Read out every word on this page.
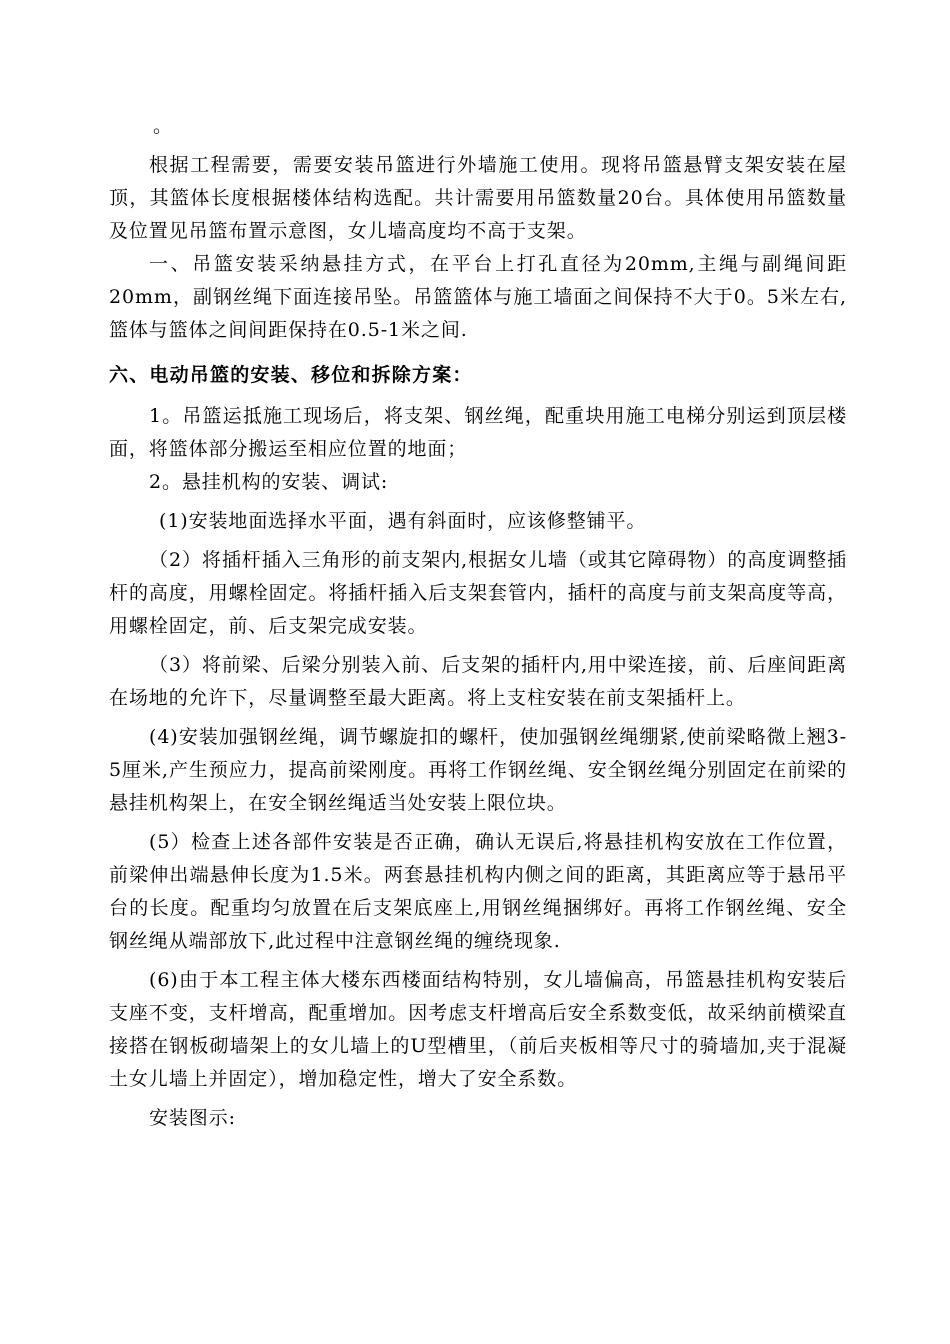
。

根据工程需要，需要安装吊篮进行外墙施工使用。现将吊篮悬臂支架安装在屋顶，其篮体长度根据楼体结构选配。共计需要用吊篮数量20台。具体使用吊篮数量及位置见吊篮布置示意图，女儿墙高度均不高于支架。

一、吊篮安装采纳悬挂方式，在平台上打孔直径为20mm,主绳与副绳间距20mm，副钢丝绳下面连接吊坠。吊篮篮体与施工墙面之间保持不大于0。5米左右,篮体与篮体之间间距保持在0.5-1米之间.

六、电动吊篮的安装、移位和拆除方案：

1。吊篮运抵施工现场后，将支架、钢丝绳，配重块用施工电梯分别运到顶层楼面，将篮体部分搬运至相应位置的地面；

2。悬挂机构的安装、调试:

(1)安装地面选择水平面，遇有斜面时，应该修整铺平。

（2）将插杆插入三角形的前支架内,根据女儿墙（或其它障碍物）的高度调整插杆的高度，用螺栓固定。将插杆插入后支架套管内，插杆的高度与前支架高度等高，用螺栓固定，前、后支架完成安装。

（3）将前梁、后梁分别装入前、后支架的插杆内,用中梁连接，前、后座间距离在场地的允许下，尽量调整至最大距离。将上支柱安装在前支架插杆上。

(4)安装加强钢丝绳，调节螺旋扣的螺杆，使加强钢丝绳绷紧,使前梁略微上翘3-5厘米,产生预应力，提高前梁刚度。再将工作钢丝绳、安全钢丝绳分别固定在前梁的悬挂机构架上，在安全钢丝绳适当处安装上限位块。

(5）检查上述各部件安装是否正确，确认无误后,将悬挂机构安放在工作位置，前梁伸出端悬伸长度为1.5米。两套悬挂机构内侧之间的距离，其距离应等于悬吊平台的长度。配重均匀放置在后支架底座上,用钢丝绳捆绑好。再将工作钢丝绳、安全钢丝绳从端部放下,此过程中注意钢丝绳的缠绕现象.

(6)由于本工程主体大楼东西楼面结构特别，女儿墙偏高，吊篮悬挂机构安装后支座不变，支杆增高，配重增加。因考虑支杆增高后安全系数变低，故采纳前横梁直接搭在钢板砌墙架上的女儿墙上的U型槽里，（前后夹板相等尺寸的骑墙加,夹于混凝土女儿墙上并固定），增加稳定性，增大了安全系数。

安装图示:
